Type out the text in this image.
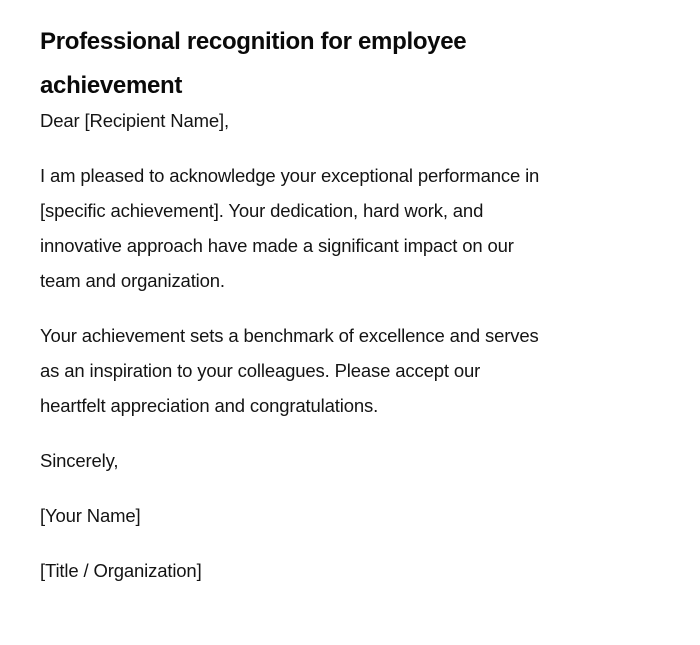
Professional recognition for employee
achievement

Dear [Recipient Name],

I am pleased to acknowledge your exceptional performance in
[specific achievement]. Your dedication, hard work, and
innovative approach have made a significant impact on our
team and organization.

Your achievement sets a benchmark of excellence and serves
as an inspiration to your colleagues. Please accept our
heartfelt appreciation and congratulations.

Sincerely,

[Your Name]

[Title / Organization]
